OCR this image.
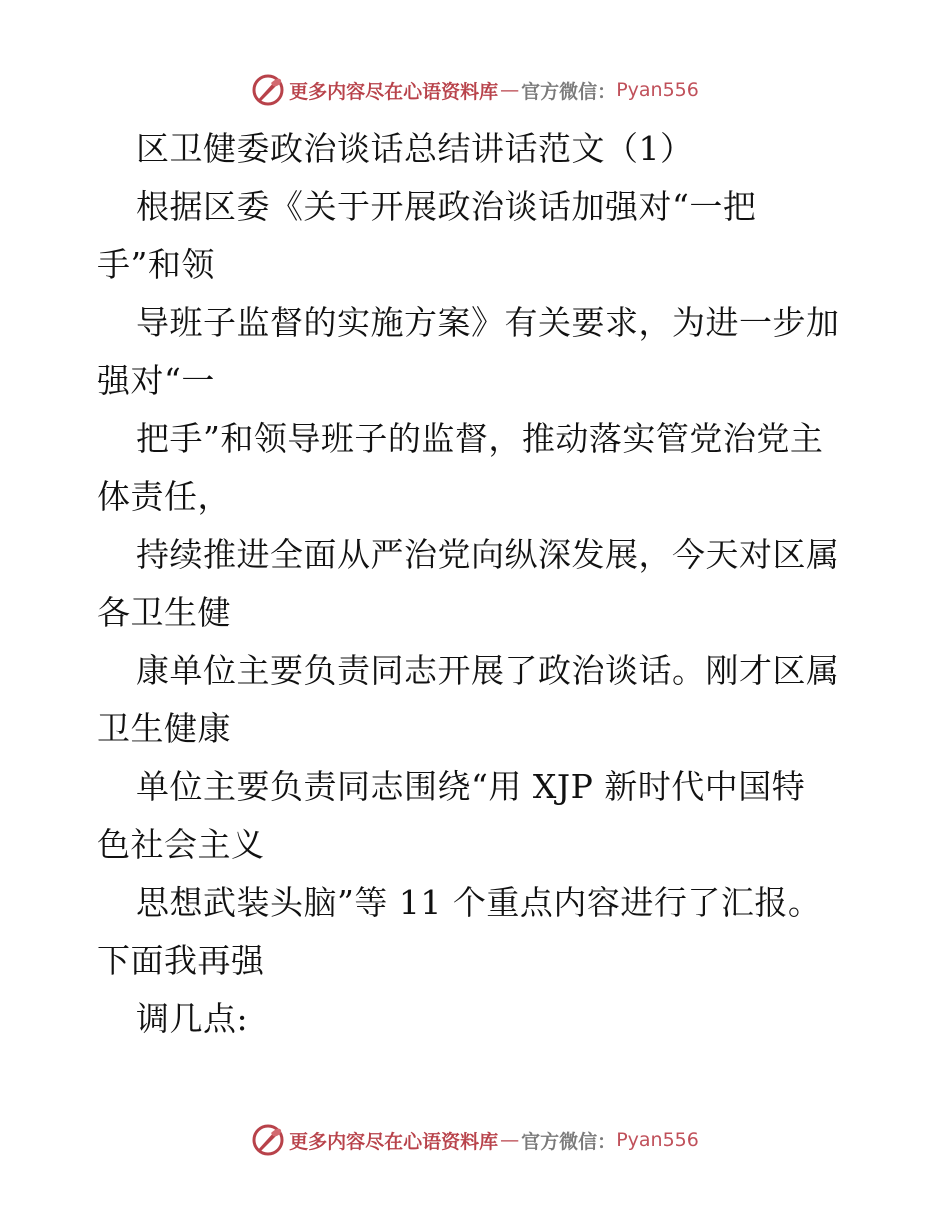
更多内容尽在心语资料库 — 官方微信： Pyan556
区卫健委政治谈话总结讲话范文（1）
根据区委《关于开展政治谈话加强对“一把
手”和领
导班子监督的实施方案》有关要求，为进一步加
强对“一
把手”和领导班子的监督，推动落实管党治党主
体责任，
持续推进全面从严治党向纵深发展，今天对区属
各卫生健
康单位主要负责同志开展了政治谈话。刚才区属
卫生健康
单位主要负责同志围绕“用 XJP 新时代中国特
色社会主义
思想武装头脑”等 11 个重点内容进行了汇报。
下面我再强
调几点:
更多内容尽在心语资料库 — 官方微信： Pyan556
